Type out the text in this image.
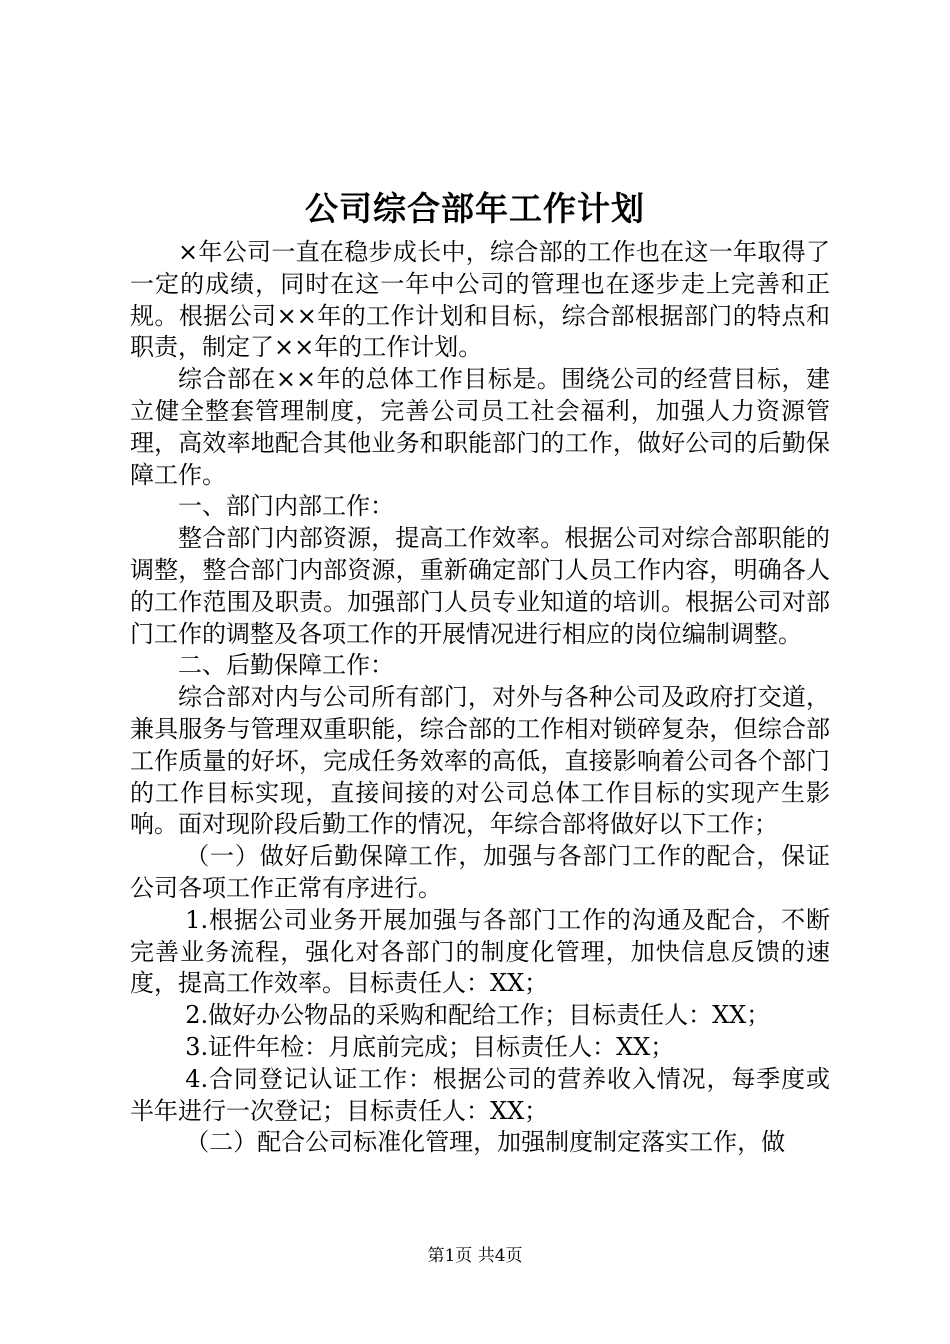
公司综合部年工作计划

×年公司一直在稳步成长中，综合部的工作也在这一年取得了一定的成绩，同时在这一年中公司的管理也在逐步走上完善和正规。根据公司××年的工作计划和目标，综合部根据部门的特点和职责，制定了××年的工作计划。

综合部在××年的总体工作目标是。围绕公司的经营目标，建立健全整套管理制度，完善公司员工社会福利，加强人力资源管理，高效率地配合其他业务和职能部门的工作，做好公司的后勤保障工作。

一、部门内部工作：

整合部门内部资源，提高工作效率。根据公司对综合部职能的调整，整合部门内部资源，重新确定部门人员工作内容，明确各人的工作范围及职责。加强部门人员专业知道的培训。根据公司对部门工作的调整及各项工作的开展情况进行相应的岗位编制调整。

二、后勤保障工作：

综合部对内与公司所有部门，对外与各种公司及政府打交道，兼具服务与管理双重职能，综合部的工作相对锁碎复杂，但综合部工作质量的好坏，完成任务效率的高低，直接影响着公司各个部门的工作目标实现，直接间接的对公司总体工作目标的实现产生影响。面对现阶段后勤工作的情况，年综合部将做好以下工作；

（一）做好后勤保障工作，加强与各部门工作的配合，保证公司各项工作正常有序进行。

1.根据公司业务开展加强与各部门工作的沟通及配合，不断完善业务流程，强化对各部门的制度化管理，加快信息反馈的速度，提高工作效率。目标责任人：XX；

2.做好办公物品的采购和配给工作；目标责任人：XX；

3.证件年检：月底前完成；目标责任人：XX；

4.合同登记认证工作：根据公司的营养收入情况，每季度或半年进行一次登记；目标责任人：XX；

（二）配合公司标准化管理，加强制度制定落实工作，做

第1页 共4页
